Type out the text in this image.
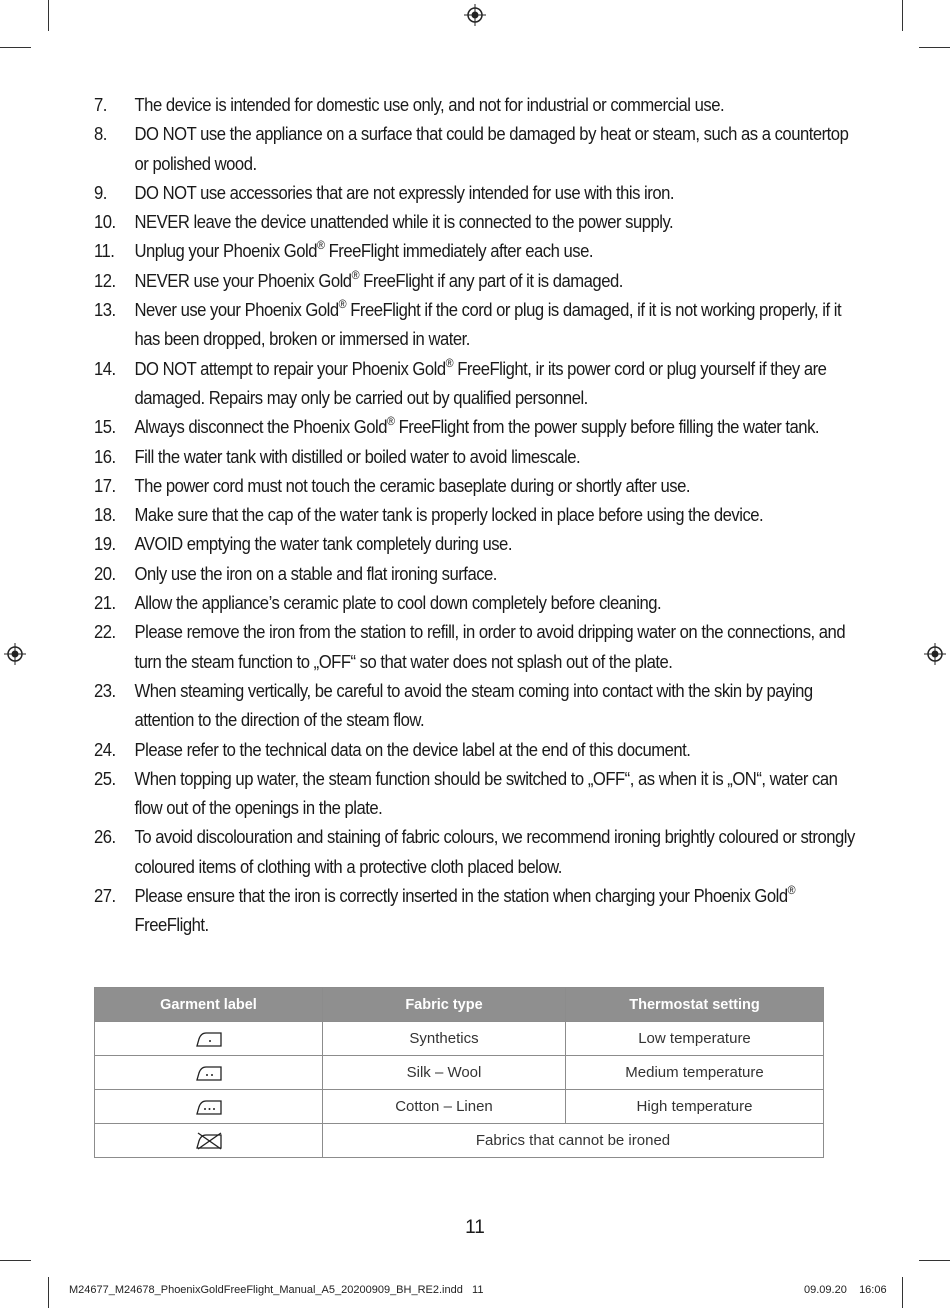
7.	The device is intended for domestic use only, and not for industrial or commercial use.
8.	DO NOT use the appliance on a surface that could be damaged by heat or steam, such as a countertop or polished wood.
9.	DO NOT use accessories that are not expressly intended for use with this iron.
10.	NEVER leave the device unattended while it is connected to the power supply.
11.	Unplug your Phoenix Gold® FreeFlight immediately after each use.
12.	NEVER use your Phoenix Gold® FreeFlight if any part of it is damaged.
13.	Never use your Phoenix Gold® FreeFlight if the cord or plug is damaged, if it is not working properly, if it has been dropped, broken or immersed in water.
14.	DO NOT attempt to repair your Phoenix Gold® FreeFlight, ir its power cord or plug yourself if they are damaged. Repairs may only be carried out by qualified personnel.
15.	Always disconnect the Phoenix Gold® FreeFlight from the power supply before filling the water tank.
16.	Fill the water tank with distilled or boiled water to avoid limescale.
17.	The power cord must not touch the ceramic baseplate during or shortly after use.
18.	Make sure that the cap of the water tank is properly locked in place before using the device.
19.	AVOID emptying the water tank completely during use.
20.	Only use the iron on a stable and flat ironing surface.
21.	Allow the appliance’s ceramic plate to cool down completely before cleaning.
22.	Please remove the iron from the station to refill, in order to avoid dripping water on the connections, and turn the steam function to „OFF“ so that water does not splash out of the plate.
23.	When steaming vertically, be careful to avoid the steam coming into contact with the skin by paying attention to the direction of the steam flow.
24.	Please refer to the technical data on the device label at the end of this document.
25.	When topping up water, the steam function should be switched to „OFF“, as when it is „ON“, water can flow out of the openings in the plate.
26.	To avoid discolouration and staining of fabric colours, we recommend ironing brightly coloured or strongly coloured items of clothing with a protective cloth placed below.
27.	Please ensure that the iron is correctly inserted in the station when charging your Phoenix Gold® FreeFlight.
Garment label	Fabric type	Thermostat setting

	Synthetics	Low temperature

	Silk – Wool	Medium temperature

	Cotton – Linen	High temperature

	Fabrics that cannot be ironed	
11
M24677_M24678_PhoenixGoldFreeFlight_Manual_A5_20200909_BH_RE2.indd 11	09.09.20 16:06
